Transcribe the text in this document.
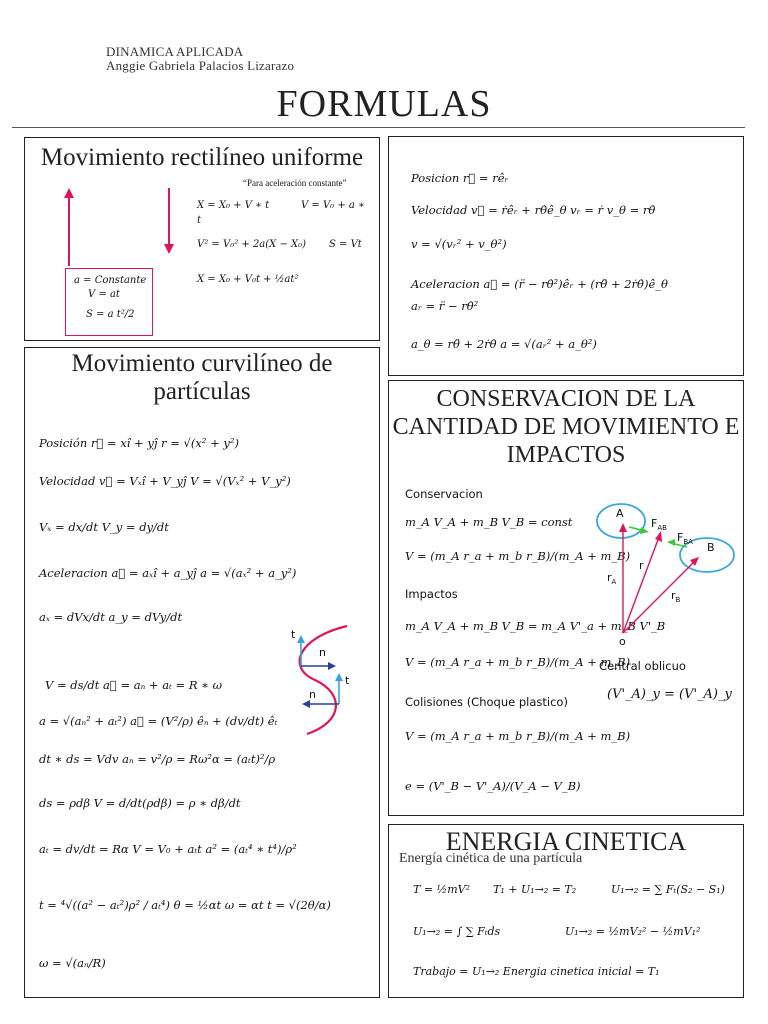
DINAMICA APLICADA
Anggie Gabriela Palacios Lizarazo
FORMULAS
Movimiento rectilíneo uniforme
“Para aceleración constante”
X = X₀ + V ∗ t	V = V₀ + a ∗
t
V² = V₀² + 2a(X − X₀) S = Vt
X = X₀ + V₀t + ½at²
a = Constante
V = at
S = a t²/2
Posicion r⃗ = rêᵣ
Velocidad v⃗ = ṙêᵣ + rθ̇ê_θ vᵣ = ṙ v_θ = rθ̇
v = √(vᵣ² + v_θ²)
Aceleracion a⃗ = (r̈ − rθ̇²)êᵣ + (rθ̈ + 2ṙθ̇)ê_θ
aᵣ = r̈ − rθ̇²
a_θ = rθ̈ + 2ṙθ̇ a = √(aᵣ² + a_θ²)
Movimiento curvilíneo de
partículas
Posición r⃗ = xî + yĵ r = √(x² + y²)
Velocidad v⃗ = Vₓî + V_yĵ V = √(Vₓ² + V_y²)
Vₓ = dx/dt V_y = dy/dt
Aceleracion a⃗ = aₓî + a_yĵ a = √(aₓ² + a_y²)
aₓ = dVx/dt a_y = dVy/dt
V = ds/dt a⃗ = aₙ + aₜ = R ∗ ω
a = √(aₙ² + aₜ²) a⃗ = (V²/ρ) êₙ + (dv/dt) êₜ
dt ∗ ds = Vdv aₙ = v²/ρ = Rω²α = (aₜt)²/ρ
ds = ρdβ V = d/dt(ρdβ) = ρ ∗ dβ/dt
aₜ = dv/dt = Rα V = V₀ + aₜt a² = (aₜ⁴ ∗ t⁴)/ρ²
t = ⁴√((a² − aₜ²)ρ² / aₜ⁴) θ = ½αt ω = αt t = √(2θ/α)
ω = √(aₙ/R)
t
n
t
n
CONSERVACION DE LA
CANTIDAD DE MOVIMIENTO E
IMPACTOS
Conservacion
m_A V_A + m_B V_B = const
V = (m_A r_a + m_b r_B)/(m_A + m_B)
Impactos
m_A V_A + m_B V_B = m_A V'_a + m_B V'_B
V = (m_A r_a + m_b r_B)/(m_A + m_B)
Colisiones (Choque plastico)
V = (m_A r_a + m_b r_B)/(m_A + m_B)
e = (V'_B − V'_A)/(V_A − V_B)
Central oblicuo
(V'_A)_y = (V'_A)_y
A
B
$F_{AB}$
$F_{BA}$
$r_A$
r
$r_B$
o
ENERGIA CINETICA
Energía cinética de una partícula
T = ½mV² T₁ + U₁→₂ = T₂	U₁→₂ = ∑ Fₜ(S₂ − S₁)
U₁→₂ = ∫ ∑ Fₜds	U₁→₂ = ½mV₂² − ½mV₁²
Trabajo = U₁→₂ Energia cinetica inicial = T₁
